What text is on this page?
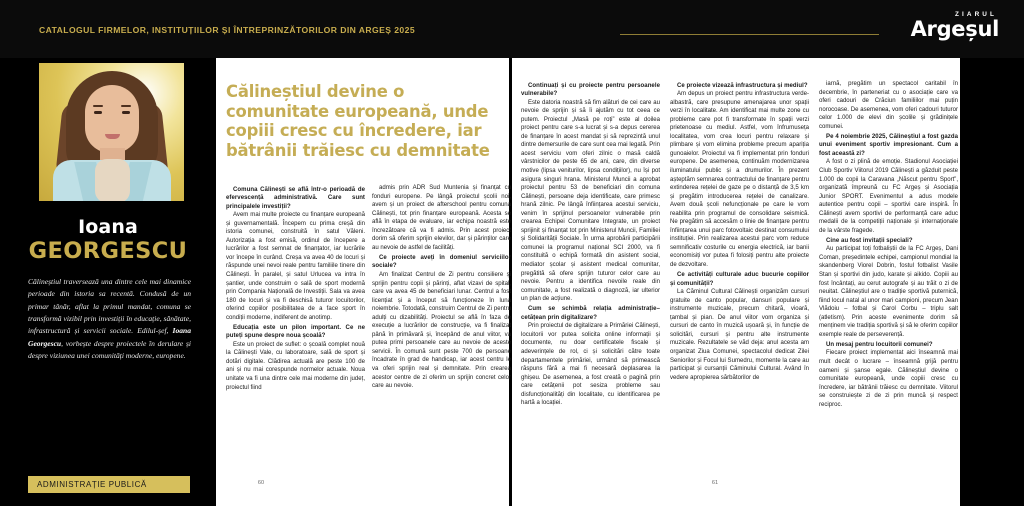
CATALOGUL FIRMELOR, INSTITUȚIILOR ȘI ÎNTREPRINZĂTORILOR DIN ARGEȘ 2025
ZIARUL
Argeșul
Ioana
GEORGESCU
Călineștiul traversează una dintre cele mai dinamice perioade din istoria sa recentă. Condusă de un primar tânăr, aflat la primul mandat, comuna se transformă vizibil prin investiții în educație, sănătate, infrastructură și servicii sociale. Edilul-șef, Ioana Georgescu, vorbește despre proiectele în derulare și despre viziunea unei comunități moderne, europene.
ADMINISTRAȚIE PUBLICĂ
Călineștiul devine o comunitate europeană, unde copiii cresc cu încredere, iar bătrânii trăiesc cu demnitate

Comuna Călinești se află într-o perioadă de efervescență administrativă. Care sunt principalele investiții?

Avem mai multe proiecte cu finanțare europeană și guvernamentală. Începem cu prima creșă din istoria comunei, construită în satul Văleni. Autorizația a fost emisă, ordinul de începere a lucrărilor a fost semnat de finanțator, iar lucrările vor începe în curând. Creșa va avea 40 de locuri și răspunde unei nevoi reale pentru familiile tinere din Călinești. În paralel, și satul Urlucea va intra în șantier, unde construim o sală de sport modernă prin Compania Națională de Investiții. Sala va avea 180 de locuri și va fi deschisă tuturor locuitorilor, oferind copiilor posibilitatea de a face sport în condiții moderne, indiferent de anotimp.

Educația este un pilon important. Ce ne puteți spune despre noua școală?

Este un proiect de suflet: o școală complet nouă la Călinești Vale, cu laboratoare, sală de sport și dotări digitale. Clădirea actuală are peste 100 de ani și nu mai corespunde normelor actuale. Noua unitate va fi una dintre cele mai moderne din județ, proiectul fiind

admis prin ADR Sud Muntenia și finanțat cu fonduri europene. Pe lângă proiectul școlii noi, avem și un proiect de afterschool pentru comuna Călinești, tot prin finanțare europeană. Acesta se află în etapa de evaluare, iar echipa noastră este încrezătoare că va fi admis. Prin acest proiect dorim să oferim sprijin elevilor, dar și părinților care au nevoie de astfel de facilități.

Ce proiecte aveți în domeniul serviciilor sociale?

Am finalizat Centrul de Zi pentru consiliere și sprijin pentru copii și părinți, aflat vizavi de spital, care va avea 45 de beneficiari lunar. Centrul a fost licențiat și a început să funcționeze în luna noiembrie. Totodată, construim Centrul de Zi pentru adulți cu dizabilități. Proiectul se află în faza de execuție a lucrărilor de construcție, va fi finalizat până în primăvară și, începând de anul viitor, va putea primi persoanele care au nevoie de aceste servicii. În comună sunt peste 700 de persoane încadrate în grad de handicap, iar acest centru le va oferi sprijin real și demnitate. Prin crearea acestor centre de zi oferim un sprijin concret celor care au nevoie.

Continuați și cu proiecte pentru persoanele vulnerabile?

Este datoria noastră să fim alături de cei care au nevoie de sprijin și să îi ajutăm cu tot ceea ce putem. Proiectul „Masă pe roți” este al doilea proiect pentru care s-a lucrat și s-a depus cererea de finanțare în acest mandat și să reprezintă unul dintre demersurile de care sunt cea mai legată. Prin acest serviciu vom oferi zilnic o masă caldă vârstnicilor de peste 65 de ani, care, din diverse motive (lipsa veniturilor, lipsa condițiilor), nu își pot asigura singuri hrana. Ministerul Muncii a aprobat proiectul pentru 53 de beneficiari din comuna Călinești, persoane deja identificate, care primesc hrană zilnic. Pe lângă înființarea acestui serviciu, venim în sprijinul persoanelor vulnerabile prin crearea Echipei Comunitare Integrate, un proiect sprijinit și finanțat tot prin Ministerul Muncii, Familiei și Solidarității Sociale. În urma aprobării participării comunei la programul național SCI 2000, va fi constituită o echipă formată din asistent social, mediator școlar și asistent medical comunitar, pregătită să ofere sprijin tuturor celor care au nevoie. Pentru a identifica nevoile reale din comunitate, a fost realizată o diagnoză, iar ulterior un plan de acțiune.

Cum se schimbă relația administrație–cetățean prin digitalizare?

Prin proiectul de digitalizare a Primăriei Călinești, locuitorii vor putea solicita online informații și documente, nu doar certificatele fiscale și adeverințele de rol, ci și solicitări către toate departamentele primăriei, urmând să primească răspuns fără a mai fi necesară deplasarea la ghișeu. De asemenea, a fost creată o pagină prin care cetățenii pot sesiza probleme sau disfuncționalități din localitate, cu identificarea pe hartă a locației.

Ce proiecte vizează infrastructura și mediul?

Am depus un proiect pentru infrastructura verde-albastră, care presupune amenajarea unor spații verzi în localitate. Am identificat mai multe zone cu probleme care pot fi transformate în spații verzi prietenoase cu mediul. Astfel, vom înfrumuseța localitatea, vom crea locuri pentru relaxare și plimbare și vom elimina probleme precum apariția gunoaielor. Proiectul va fi implementat prin fonduri europene. De asemenea, continuăm modernizarea iluminatului public și a drumurilor. În prezent așteptăm semnarea contractului de finanțare pentru extinderea rețelei de gaze pe o distanță de 3,5 km și pregătim introducerea rețelei de canalizare. Avem două școli nefuncționale pe care le vom reabilita prin programul de consolidare seismică. Ne pregătim să accesăm o linie de finanțare pentru înființarea unui parc fotovoltaic destinat consumului instituției. Prin realizarea acestui parc vom reduce semnificativ costurile cu energia electrică, iar banii economisiți vor putea fi folosiți pentru alte proiecte de dezvoltare.

Ce activități culturale aduc bucurie copiilor și comunității?

La Căminul Cultural Călinești organizăm cursuri gratuite de canto popular, dansuri populare și instrumente muzicale, precum chitară, vioară, țambal și pian. De anul viitor vom organiza și cursuri de canto în muzică ușoară și, în funcție de solicitări, cursuri și pentru alte instrumente muzicale. Rezultatele se văd deja: anul acesta am organizat Ziua Comunei, spectacolul dedicat Zilei Seniorilor și Focul lui Sumedru, momente la care au participat și cursanții Căminului Cultural. Având în vedere apropierea sărbătorilor de

iarnă, pregătim un spectacol caritabil în decembrie, în parteneriat cu o asociație care va oferi cadouri de Crăciun familiilor mai puțin norocoase. De asemenea, vom oferi cadouri tuturor celor 1.000 de elevi din școlile și grădinițele comunei.

Pe 4 noiembrie 2025, Călineștiul a fost gazda unui eveniment sportiv impresionant. Cum a fost această zi?

A fost o zi plină de emoție. Stadionul Asociației Club Sportiv Viitorul 2019 Călinești a găzduit peste 1.000 de copii la Caravana „Născut pentru Sport”, organizată împreună cu FC Argeș și Asociația Junior SPORT. Evenimentul a adus modele autentice pentru copii – sportivi care inspiră. În Călinești avem sportivi de performanță care aduc medalii de la competiții naționale și internaționale de la vârste fragede.

Cine au fost invitații speciali?

Au participat toți fotbaliștii de la FC Argeș, Dani Coman, președintele echipei, campionul mondial la skandenberg Viorel Dobrin, fostul fotbalist Vasile Stan și sportivi din judo, karate și aikido. Copiii au fost încântați, au cerut autografe și au trăit o zi de neuitat. Călineștiul are o tradiție sportivă puternică, fiind locul natal al unor mari campioni, precum Jean Vlădoiu – fotbal și Carol Corbu – triplu salt (atletism). Prin aceste evenimente dorim să menținem vie tradiția sportivă și să le oferim copiilor exemple reale de perseverență.

Un mesaj pentru locuitorii comunei?

Fiecare proiect implementat aici înseamnă mai mult decât o lucrare – înseamnă grijă pentru oameni și șanse egale. Călineștiul devine o comunitate europeană, unde copiii cresc cu încredere, iar bătrânii trăiesc cu demnitate. Viitorul se construiește zi de zi prin muncă și respect reciproc.

60	61
